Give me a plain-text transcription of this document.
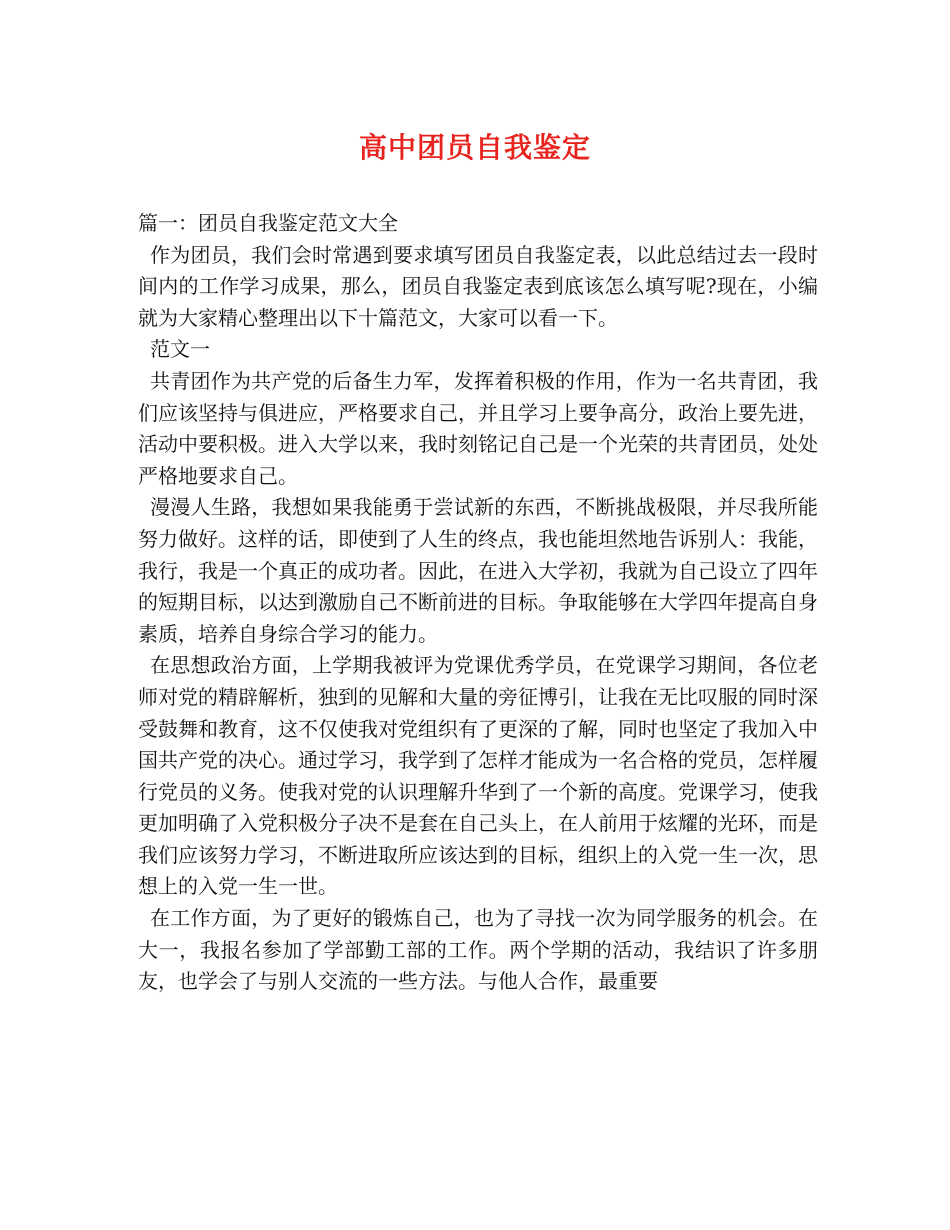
高中团员自我鉴定

篇一：团员自我鉴定范文大全

作为团员，我们会时常遇到要求填写团员自我鉴定表，以此总结过去一段时间内的工作学习成果，那么，团员自我鉴定表到底该怎么填写呢?现在，小编就为大家精心整理出以下十篇范文，大家可以看一下。

范文一

共青团作为共产党的后备生力军，发挥着积极的作用，作为一名共青团，我们应该坚持与俱进应，严格要求自己，并且学习上要争高分，政治上要先进，活动中要积极。进入大学以来，我时刻铭记自己是一个光荣的共青团员，处处严格地要求自己。

漫漫人生路，我想如果我能勇于尝试新的东西，不断挑战极限，并尽我所能努力做好。这样的话，即使到了人生的终点，我也能坦然地告诉别人：我能，我行，我是一个真正的成功者。因此，在进入大学初，我就为自己设立了四年的短期目标，以达到激励自己不断前进的目标。争取能够在大学四年提高自身素质，培养自身综合学习的能力。

在思想政治方面，上学期我被评为党课优秀学员，在党课学习期间，各位老师对党的精辟解析，独到的见解和大量的旁征博引，让我在无比叹服的同时深受鼓舞和教育，这不仅使我对党组织有了更深的了解，同时也坚定了我加入中国共产党的决心。通过学习，我学到了怎样才能成为一名合格的党员，怎样履行党员的义务。使我对党的认识理解升华到了一个新的高度。党课学习，使我更加明确了入党积极分子决不是套在自己头上，在人前用于炫耀的光环，而是我们应该努力学习，不断进取所应该达到的目标，组织上的入党一生一次，思想上的入党一生一世。

在工作方面，为了更好的锻炼自己，也为了寻找一次为同学服务的机会。在大一，我报名参加了学部勤工部的工作。两个学期的活动，我结识了许多朋友，也学会了与别人交流的一些方法。与他人合作，最重要
